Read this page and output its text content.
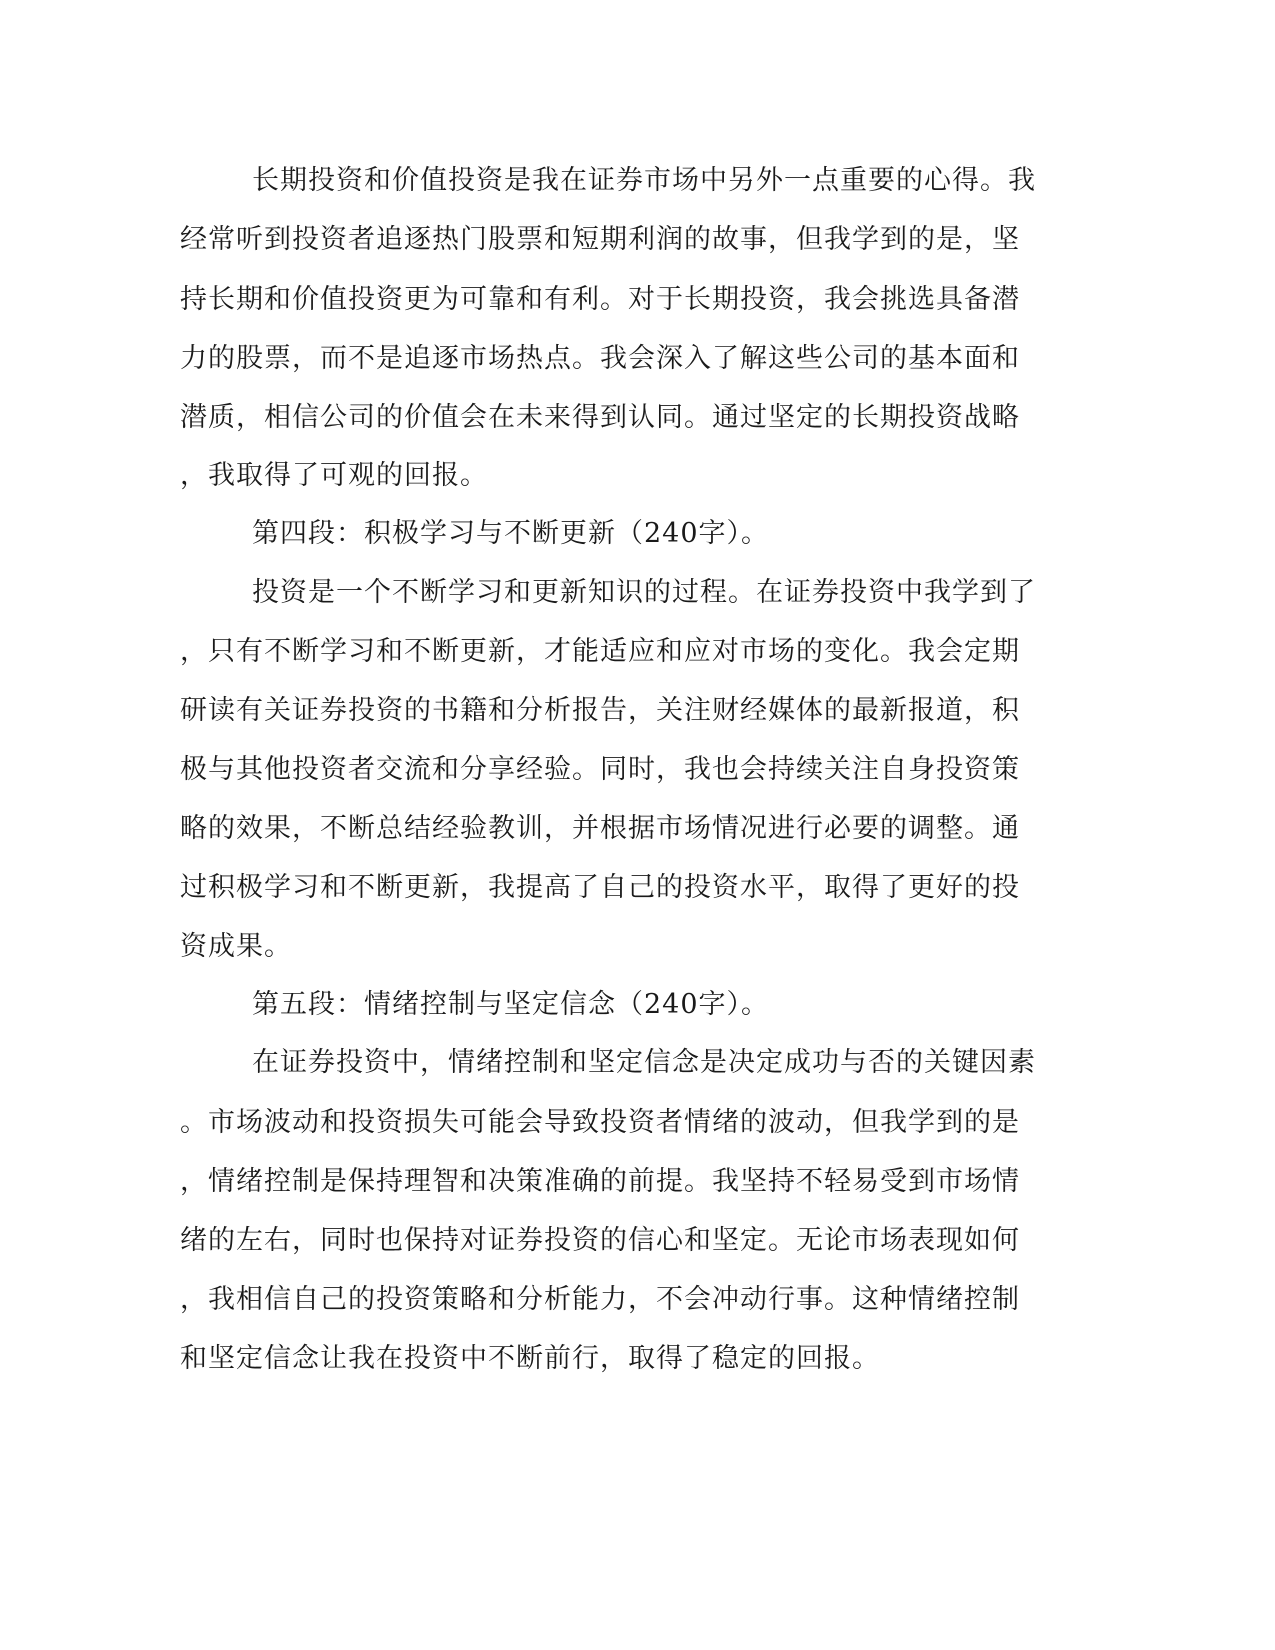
长期投资和价值投资是我在证券市场中另外一点重要的心得。我
经常听到投资者追逐热门股票和短期利润的故事，但我学到的是，坚
持长期和价值投资更为可靠和有利。对于长期投资，我会挑选具备潜
力的股票，而不是追逐市场热点。我会深入了解这些公司的基本面和
潜质，相信公司的价值会在未来得到认同。通过坚定的长期投资战略
，我取得了可观的回报。
第四段：积极学习与不断更新（240字）。
投资是一个不断学习和更新知识的过程。在证券投资中我学到了
，只有不断学习和不断更新，才能适应和应对市场的变化。我会定期
研读有关证券投资的书籍和分析报告，关注财经媒体的最新报道，积
极与其他投资者交流和分享经验。同时，我也会持续关注自身投资策
略的效果，不断总结经验教训，并根据市场情况进行必要的调整。通
过积极学习和不断更新，我提高了自己的投资水平，取得了更好的投
资成果。
第五段：情绪控制与坚定信念（240字）。
在证券投资中，情绪控制和坚定信念是决定成功与否的关键因素
。市场波动和投资损失可能会导致投资者情绪的波动，但我学到的是
，情绪控制是保持理智和决策准确的前提。我坚持不轻易受到市场情
绪的左右，同时也保持对证券投资的信心和坚定。无论市场表现如何
，我相信自己的投资策略和分析能力，不会冲动行事。这种情绪控制
和坚定信念让我在投资中不断前行，取得了稳定的回报。
